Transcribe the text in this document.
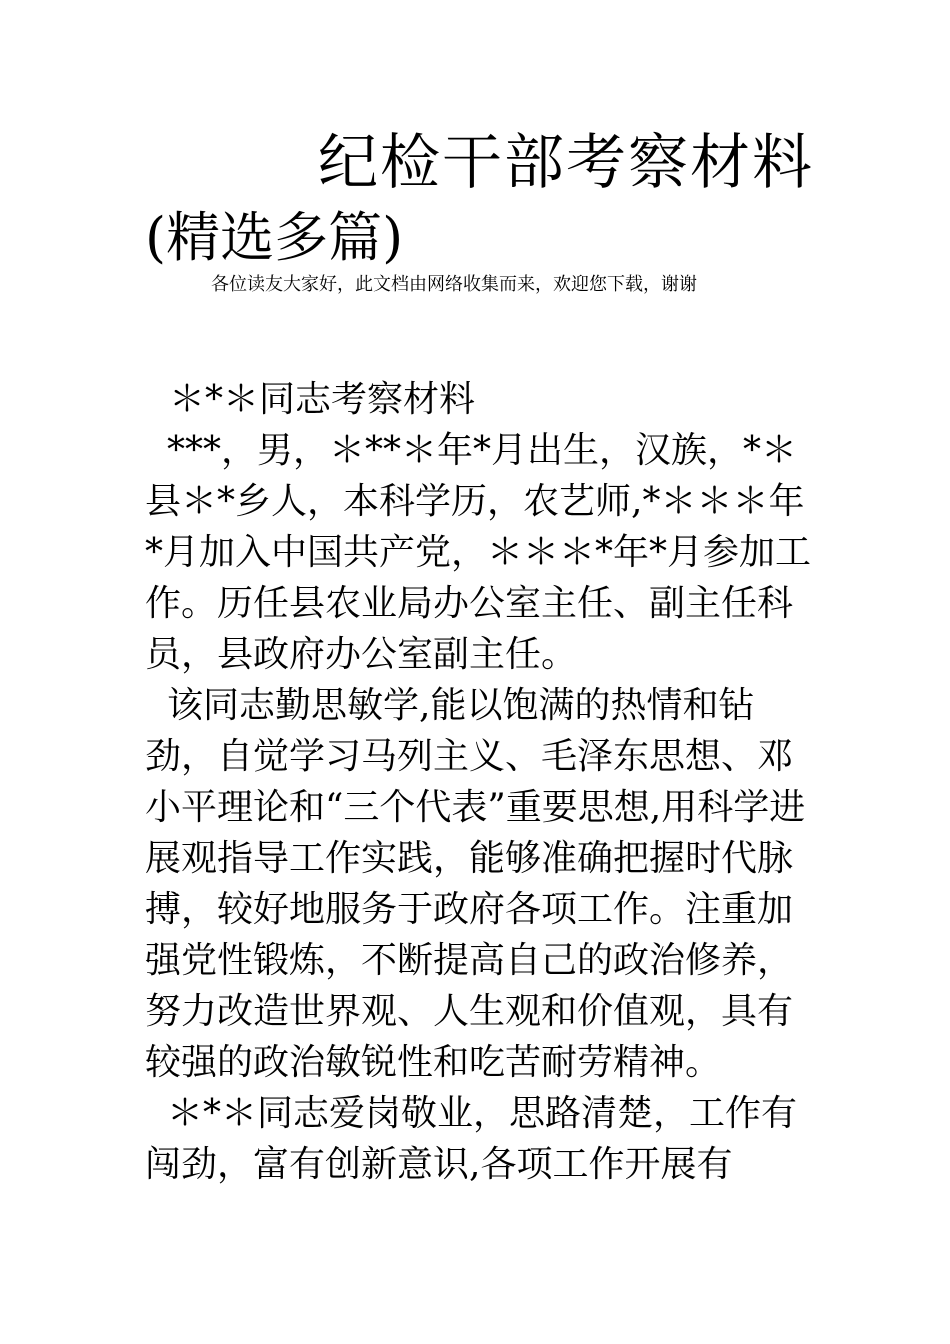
纪检干部考察材料
(精选多篇)
各位读友大家好，此文档由网络收集而来，欢迎您下载，谢谢

＊*＊同志考察材料

***，男，＊**＊年*月出生，汉族，*＊县＊*乡人，本科学历，农艺师,*＊＊＊年*月加入中国共产党，＊＊＊*年*月参加工作。历任县农业局办公室主任、副主任科员，县政府办公室副主任。

该同志勤思敏学,能以饱满的热情和钻劲，自觉学习马列主义、毛泽东思想、邓小平理论和“三个代表”重要思想,用科学进展观指导工作实践，能够准确把握时代脉搏，较好地服务于政府各项工作。注重加强党性锻炼，不断提高自己的政治修养，努力改造世界观、人生观和价值观，具有较强的政治敏锐性和吃苦耐劳精神。

＊*＊同志爱岗敬业，思路清楚，工作有闯劲，富有创新意识,各项工作开展有
